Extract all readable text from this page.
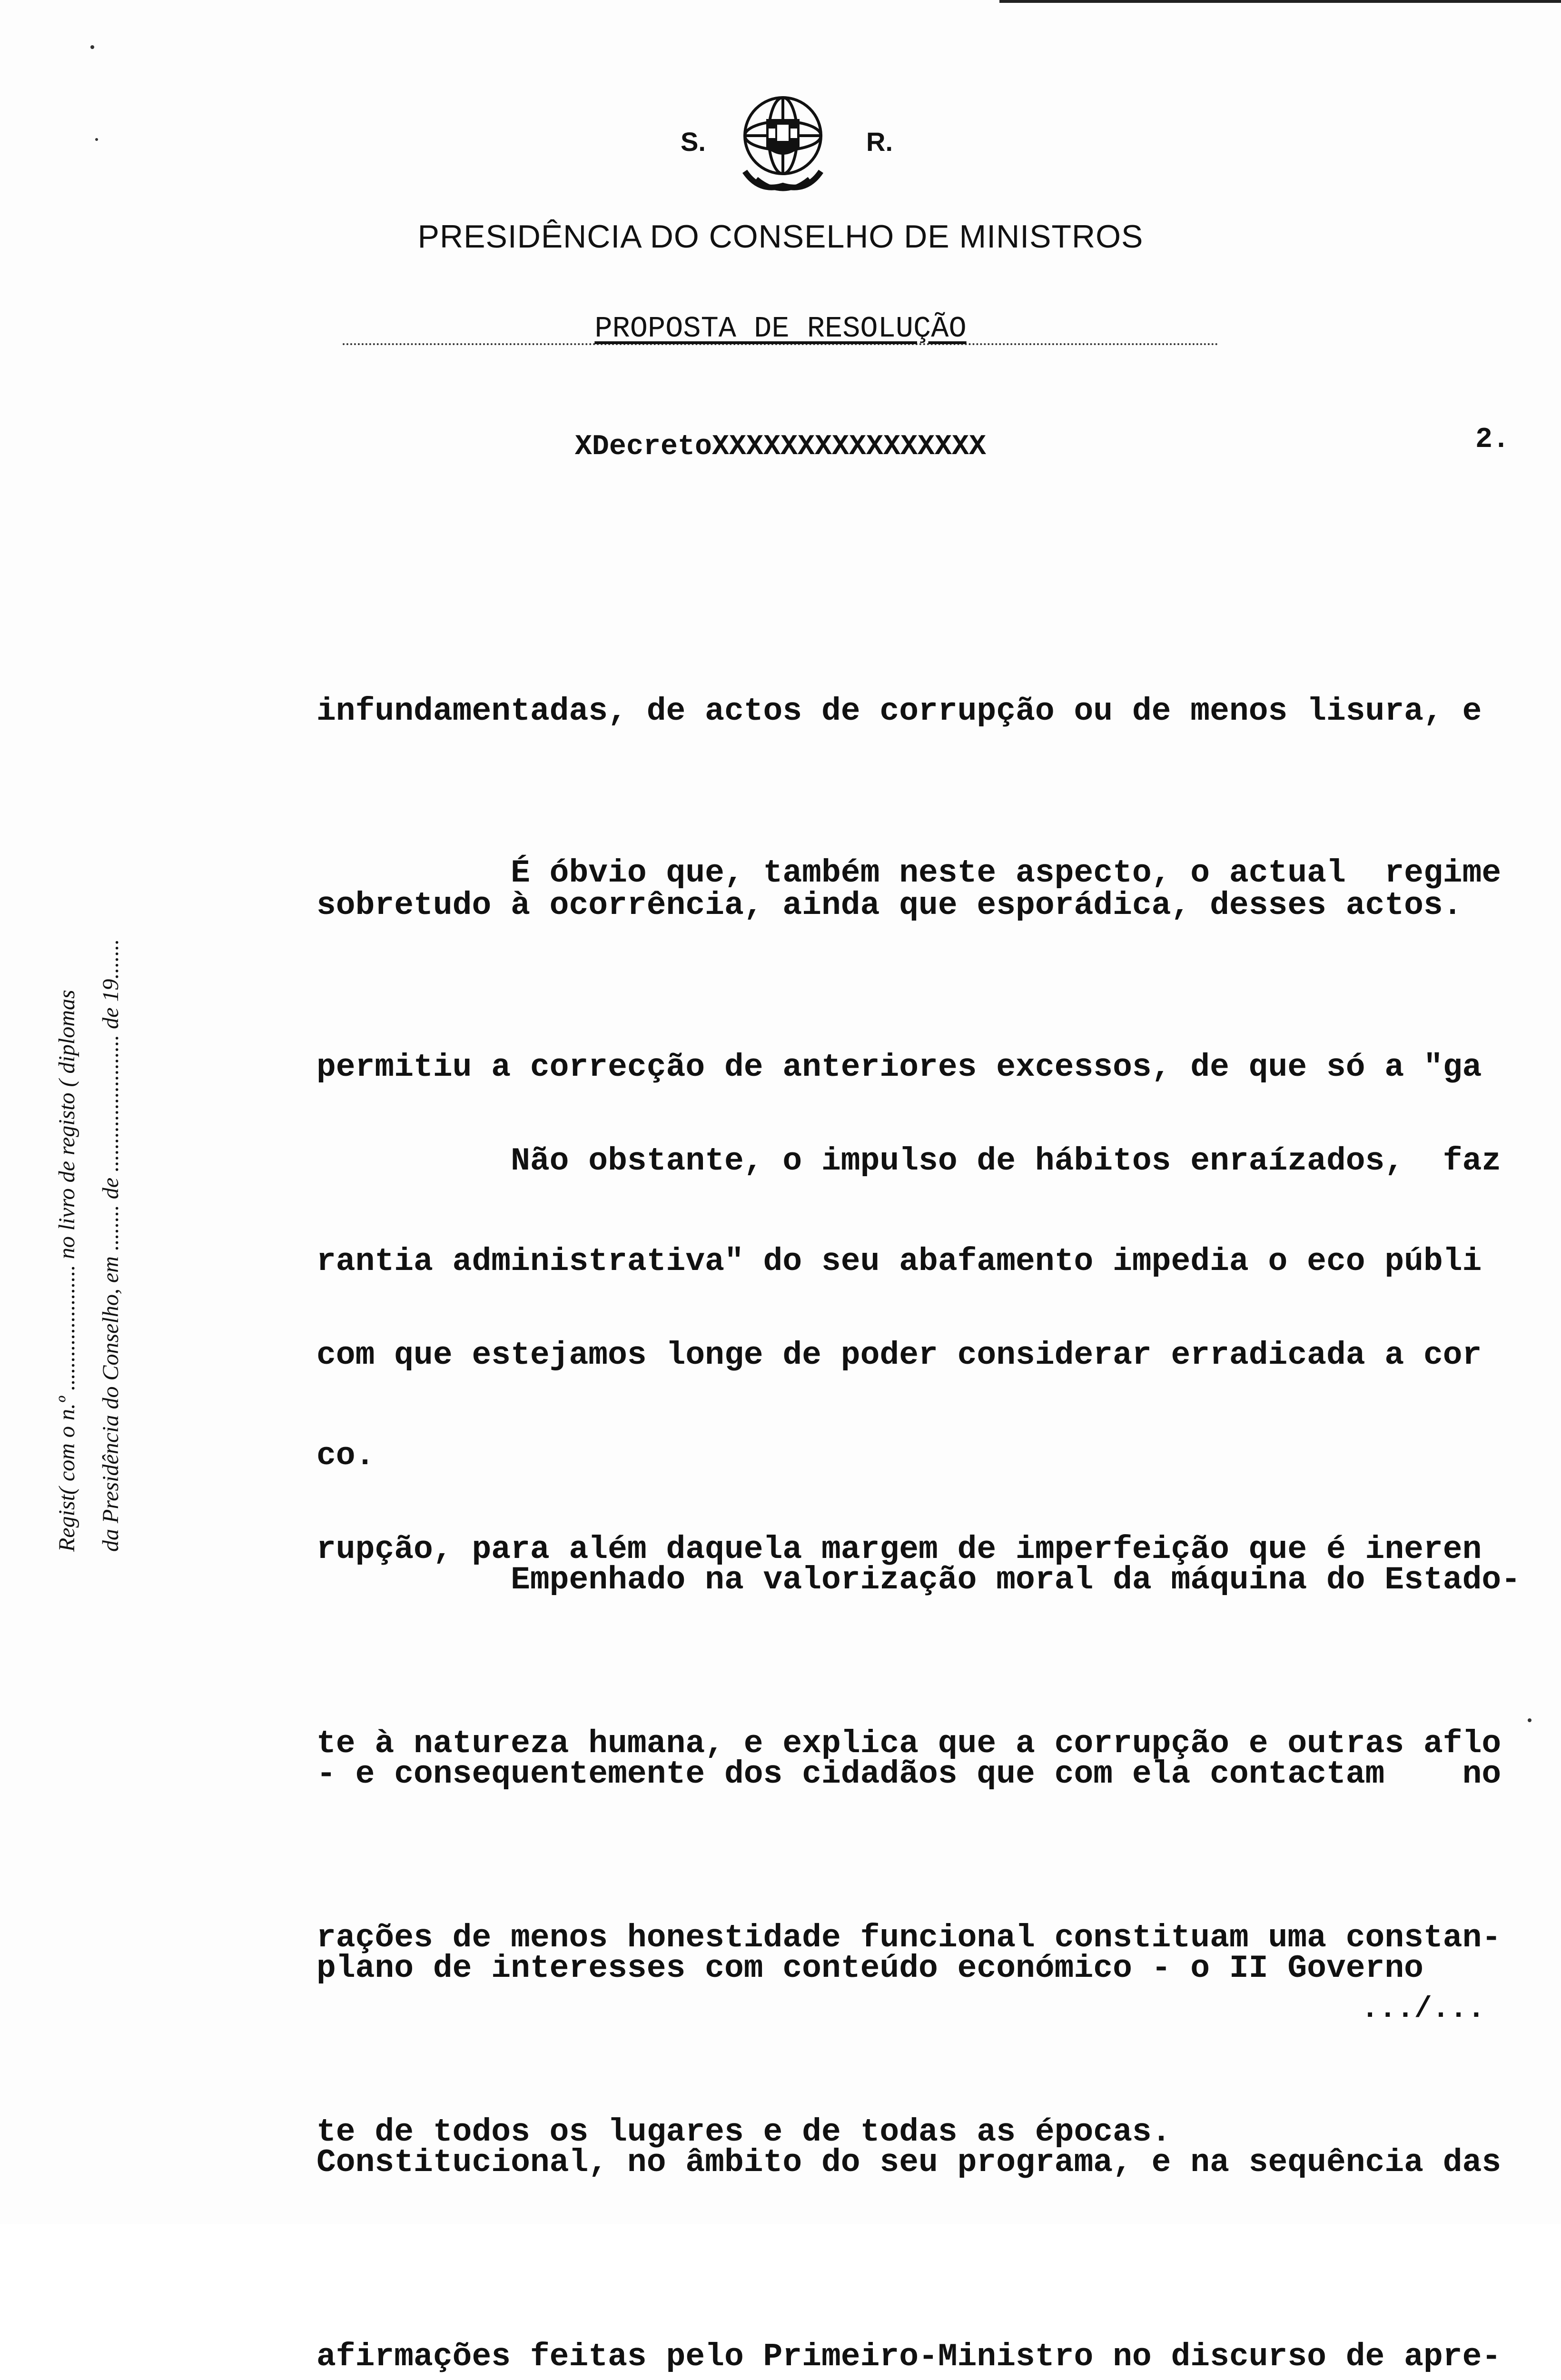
S.	R.
PRESIDÊNCIA DO CONSELHO DE MINISTROS
PROPOSTA DE RESOLUÇÃO
XDecretoXXXXXXXXXXXXXXXX	2.
Regist( com o n.º ...................... no livro de registo ( diplomas da Presidência do Conselho, em ........ de ........................ de 19.......

infundamentadas, de actos de corrupção ou de menos lisura, e

sobretudo à ocorrência, ainda que esporádica, desses actos.

É óbvio que, também neste aspecto, o actual  regime

permitiu a correcção de anteriores excessos, de que só a "ga

rantia administrativa" do seu abafamento impedia o eco públi

co.

Não obstante, o impulso de hábitos enraízados,  faz

com que estejamos longe de poder considerar erradicada a cor

rupção, para além daquela margem de imperfeição que é ineren

te à natureza humana, e explica que a corrupção e outras aflo

rações de menos honestidade funcional constituam uma constan-

te de todos os lugares e de todas as épocas.

Empenhado na valorização moral da máquina do Estado-

- e consequentemente dos cidadãos que com ela contactam    no

plano de interesses com conteúdo económico - o II Governo

Constitucional, no âmbito do seu programa, e na sequência das

afirmações feitas pelo Primeiro-Ministro no discurso de apre-

.../...
